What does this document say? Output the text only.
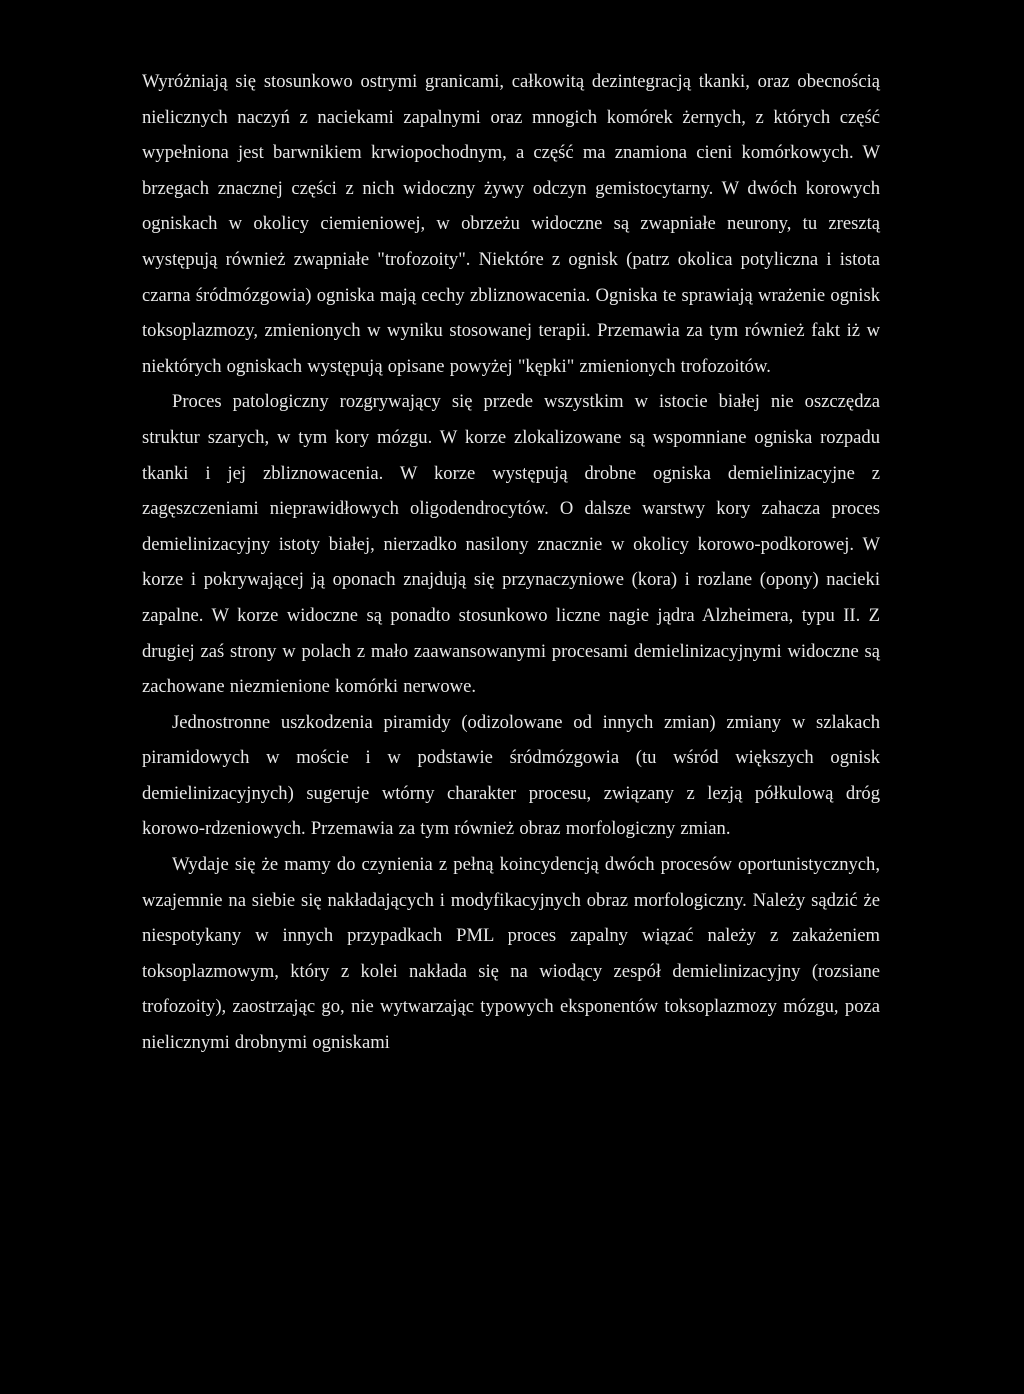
Wyróżniają się stosunkowo ostrymi granicami, całkowitą dezintegracją tkanki, oraz obecnością nielicznych naczyń z naciekami zapalnymi oraz mnogich komórek żernych, z których część wypełniona jest barwnikiem krwiopochodnym, a część ma znamiona cieni komórkowych. W brzegach znacznej części z nich widoczny żywy odczyn gemistocytarny. W dwóch korowych ogniskach w okolicy ciemieniowej, w obrzeżu widoczne są zwapniałe neurony, tu zresztą występują również zwapniałe "trofozoity". Niektóre z ognisk (patrz okolica potyliczna i istota czarna śródmózgowia) ogniska mają cechy zbliznowacenia. Ogniska te sprawiają wrażenie ognisk toksoplazmozy, zmienionych w wyniku stosowanej terapii. Przemawia za tym również fakt iż w niektórych ogniskach występują opisane powyżej "kępki" zmienionych trofozoitów.

Proces patologiczny rozgrywający się przede wszystkim w istocie białej nie oszczędza struktur szarych, w tym kory mózgu. W korze zlokalizowane są wspomniane ogniska rozpadu tkanki i jej zbliznowacenia. W korze występują drobne ogniska demielinizacyjne z zagęszczeniami nieprawidłowych oligodendrocytów. O dalsze warstwy kory zahacza proces demielinizacyjny istoty białej, nierzadko nasilony znacznie w okolicy korowo-podkorowej. W korze i pokrywającej ją oponach znajdują się przynaczyniowe (kora) i rozlane (opony) nacieki zapalne. W korze widoczne są ponadto stosunkowo liczne nagie jądra Alzheimera, typu II. Z drugiej zaś strony w polach z mało zaawansowanymi procesami demielinizacyjnymi widoczne są zachowane niezmienione komórki nerwowe.

Jednostronne uszkodzenia piramidy (odizolowane od innych zmian) zmiany w szlakach piramidowych w moście i w podstawie śródmózgowia (tu wśród większych ognisk demielinizacyjnych) sugeruje wtórny charakter procesu, związany z lezją półkulową dróg korowo-rdzeniowych. Przemawia za tym również obraz morfologiczny zmian.

Wydaje się że mamy do czynienia z pełną koincydencją dwóch procesów oportunistycznych, wzajemnie na siebie się nakładających i modyfikacyjnych obraz morfologiczny. Należy sądzić że niespotykany w innych przypadkach PML proces zapalny wiązać należy z zakażeniem toksoplazmowym, który z kolei nakłada się na wiodący zespół demielinizacyjny (rozsiane trofozoity), zaostrzając go, nie wytwarzając typowych eksponentów toksoplazmozy mózgu, poza nielicznymi drobnymi ogniskami
